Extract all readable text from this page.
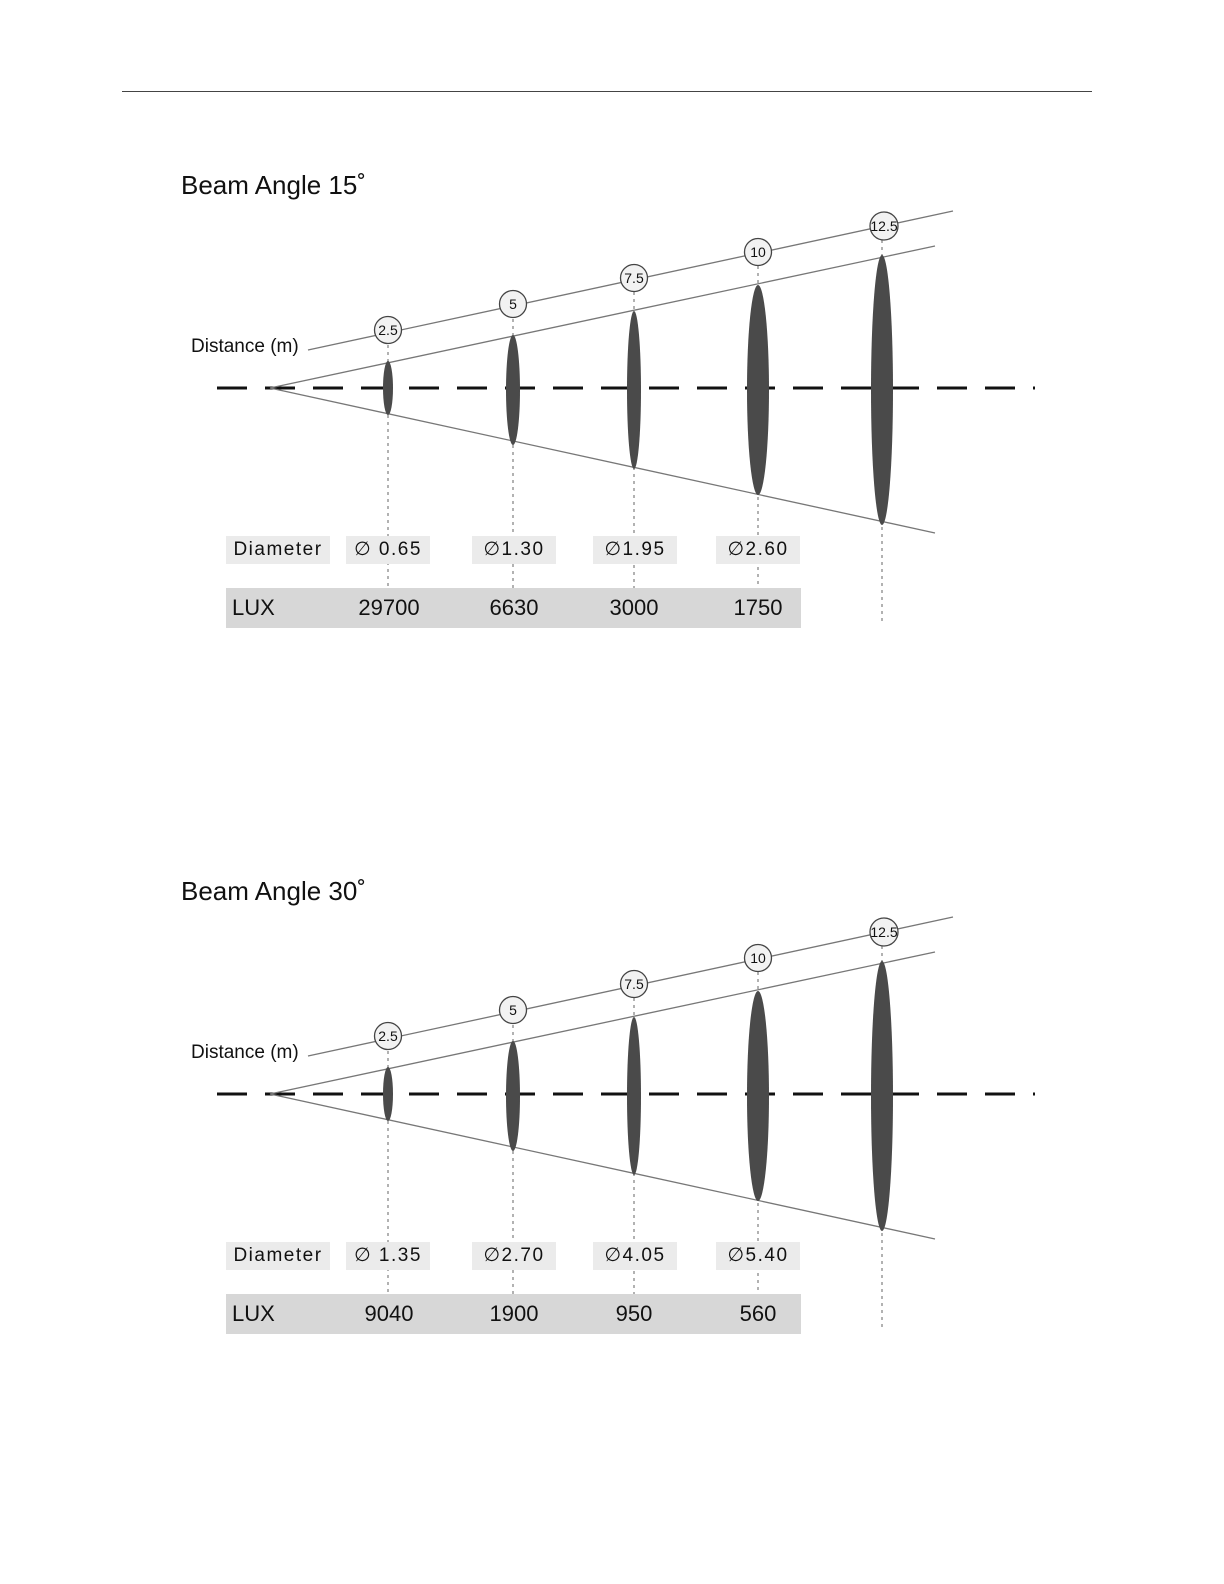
2.5
5
7.5
10
12.5
Beam Angle 15˚
Distance (m)
Diameter	∅ 0.65	∅1.30	∅1.95	∅2.60
LUX	29700	6630	3000	1750
2.5
5
7.5
10
12.5
Beam Angle 30˚
Distance (m)
Diameter	∅ 1.35	∅2.70	∅4.05	∅5.40
LUX	9040	1900	950	560
